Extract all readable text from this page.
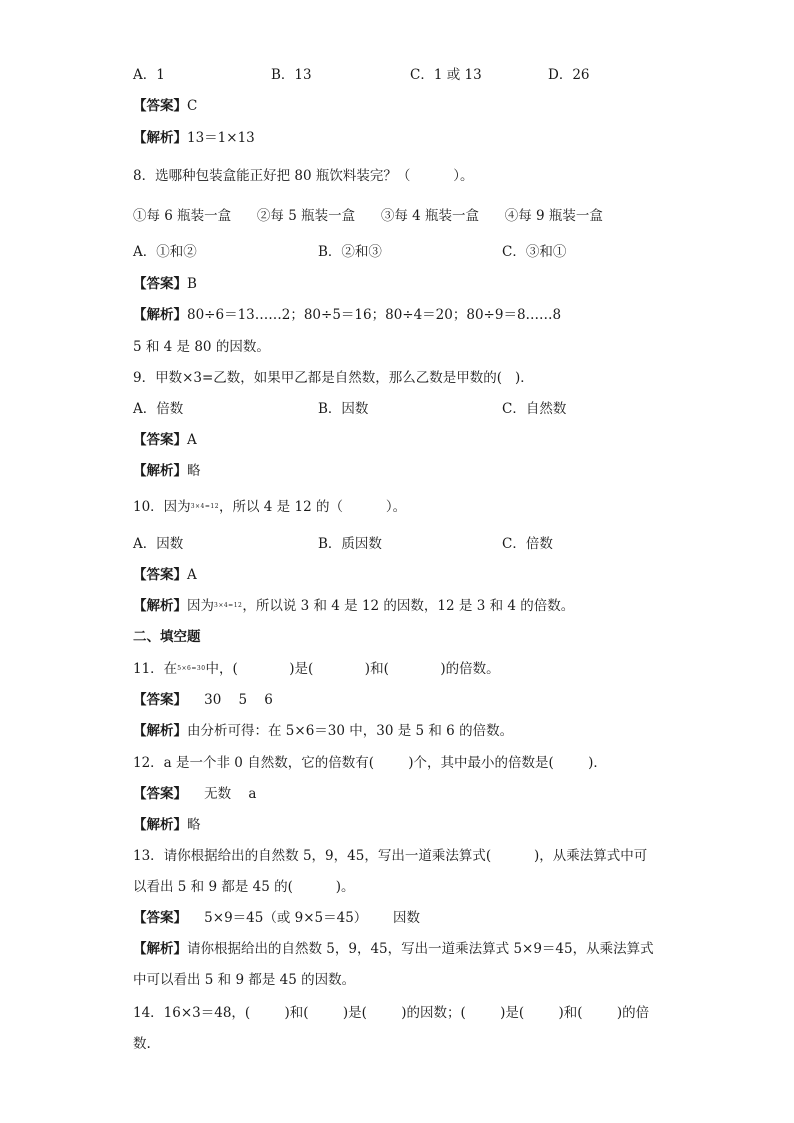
A．1	B．13	C．1 或 13	D．26
【答案】C
【解析】13＝1×13
8．选哪种包装盒能正好把 80 瓶饮料装完？（          ）。
①每 6 瓶装一盒      ②每 5 瓶装一盒      ③每 4 瓶装一盒      ④每 9 瓶装一盒
A．①和②	B．②和③	C．③和①
【答案】B
【解析】80÷6＝13……2；80÷5＝16；80÷4＝20；80÷9＝8……8
5 和 4 是 80 的因数。
9．甲数×3=乙数，如果甲乙都是自然数，那么乙数是甲数的(   )．
A．倍数	B．因数	C．自然数
【答案】A
【解析】略
10．因为$^{3\times 4=12}$，所以 4 是 12 的（          ）。
A．因数	B．质因数	C．倍数
【答案】A
【解析】因为$^{3\times 4=12}$，所以说 3 和 4 是 12 的因数，12 是 3 和 4 的倍数。
二、填空题
11．在$^{5\times 6=30}$中，(            )是(            )和(            )的倍数。
【答案】    30    5    6
【解析】由分析可得：在 5×6＝30 中，30 是 5 和 6 的倍数。
12．a 是一个非 0 自然数，它的倍数有(        )个，其中最小的倍数是(        )．
【答案】    无数    a
【解析】略
13．请你根据给出的自然数 5，9，45，写出一道乘法算式(          )，从乘法算式中可
以看出 5 和 9 都是 45 的(          )。
【答案】    5×9＝45（或 9×5＝45）      因数
【解析】请你根据给出的自然数 5，9，45，写出一道乘法算式 5×9＝45，从乘法算式
中可以看出 5 和 9 都是 45 的因数。
14．16×3＝48，(        )和(        )是(        )的因数；(        )是(        )和(        )的倍
数.
